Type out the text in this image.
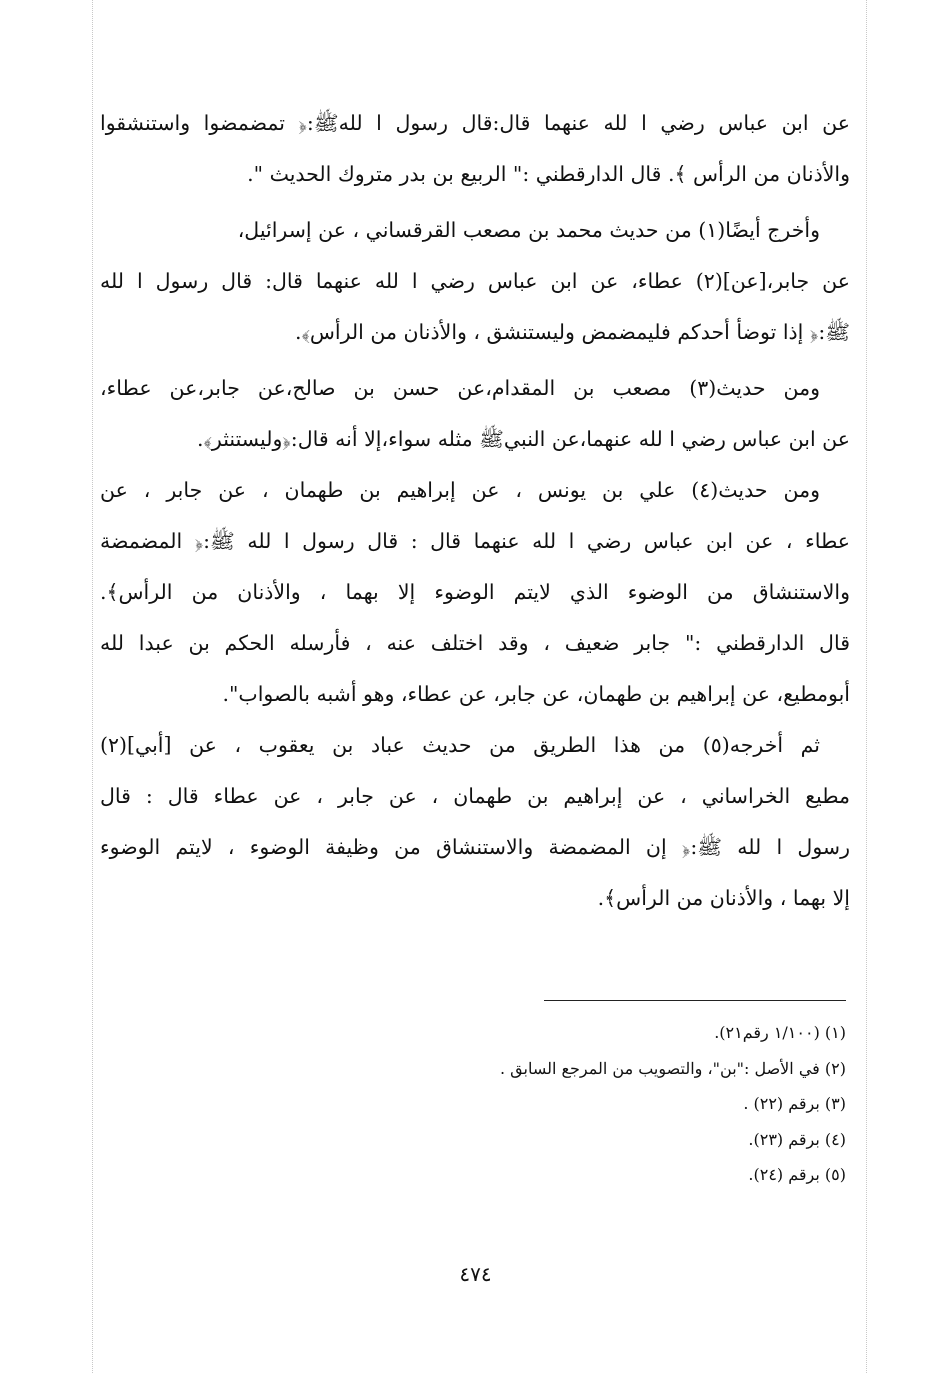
عن ابن عباس رضي ا لله عنهما قال:قال رسول ا للهﷺ:﴿ تمضمضوا واستنشقوا
والأذنان من الرأس ﴾. قال الدارقطني :" الربيع بن بدر متروك الحديث ".
وأخرج أيضًا(١) من حديث محمد بن مصعب القرقساني ، عن إسرائيل،
عن جابر،[عن](٢) عطاء، عن ابن عباس رضي ا لله عنهما قال: قال رسول ا لله
ﷺ:﴿ إذا توضأ أحدكم فليمضمض وليستنشق ، والأذنان من الرأس﴾.
ومن حديث(٣) مصعب بن المقدام،عن حسن بن صالح،عن جابر،عن عطاء،
عن ابن عباس رضي ا لله عنهما،عن النبيﷺ مثله سواء،إلا أنه قال:﴿وليستنثر﴾.
ومن حديث(٤) علي بن يونس ، عن إبراهيم بن طهمان ، عن جابر ، عن
عطاء ، عن ابن عباس رضي ا لله عنهما قال : قال رسول ا لله ﷺ:﴿ المضمضة
والاستنشاق من الوضوء الذي لايتم الوضوء إلا بهما ، والأذنان من الرأس﴾.
قال الدارقطني :" جابر ضعيف ، وقد اختلف عنه ، فأرسله الحكم بن عبدا لله
أبومطيع، عن إبراهيم بن طهمان، عن جابر، عن عطاء، وهو أشبه بالصواب".
ثم أخرجه(٥) من هذا الطريق من حديث عباد بن يعقوب ، عن [أبي](٢)
مطيع الخراساني ، عن إبراهيم بن طهمان ، عن جابر ، عن عطاء قال : قال
رسول ا لله ﷺ:﴿ إن المضمضة والاستنشاق من وظيفة الوضوء ، لايتم الوضوء
إلا بهما ، والأذنان من الرأس﴾.
(١) (١/١٠٠ رقم٢١).
(٢) في الأصل :"بن"، والتصويب من المرجع السابق .
(٣) برقم (٢٢) .
(٤) برقم (٢٣).
(٥) برقم (٢٤).
٤٧٤
